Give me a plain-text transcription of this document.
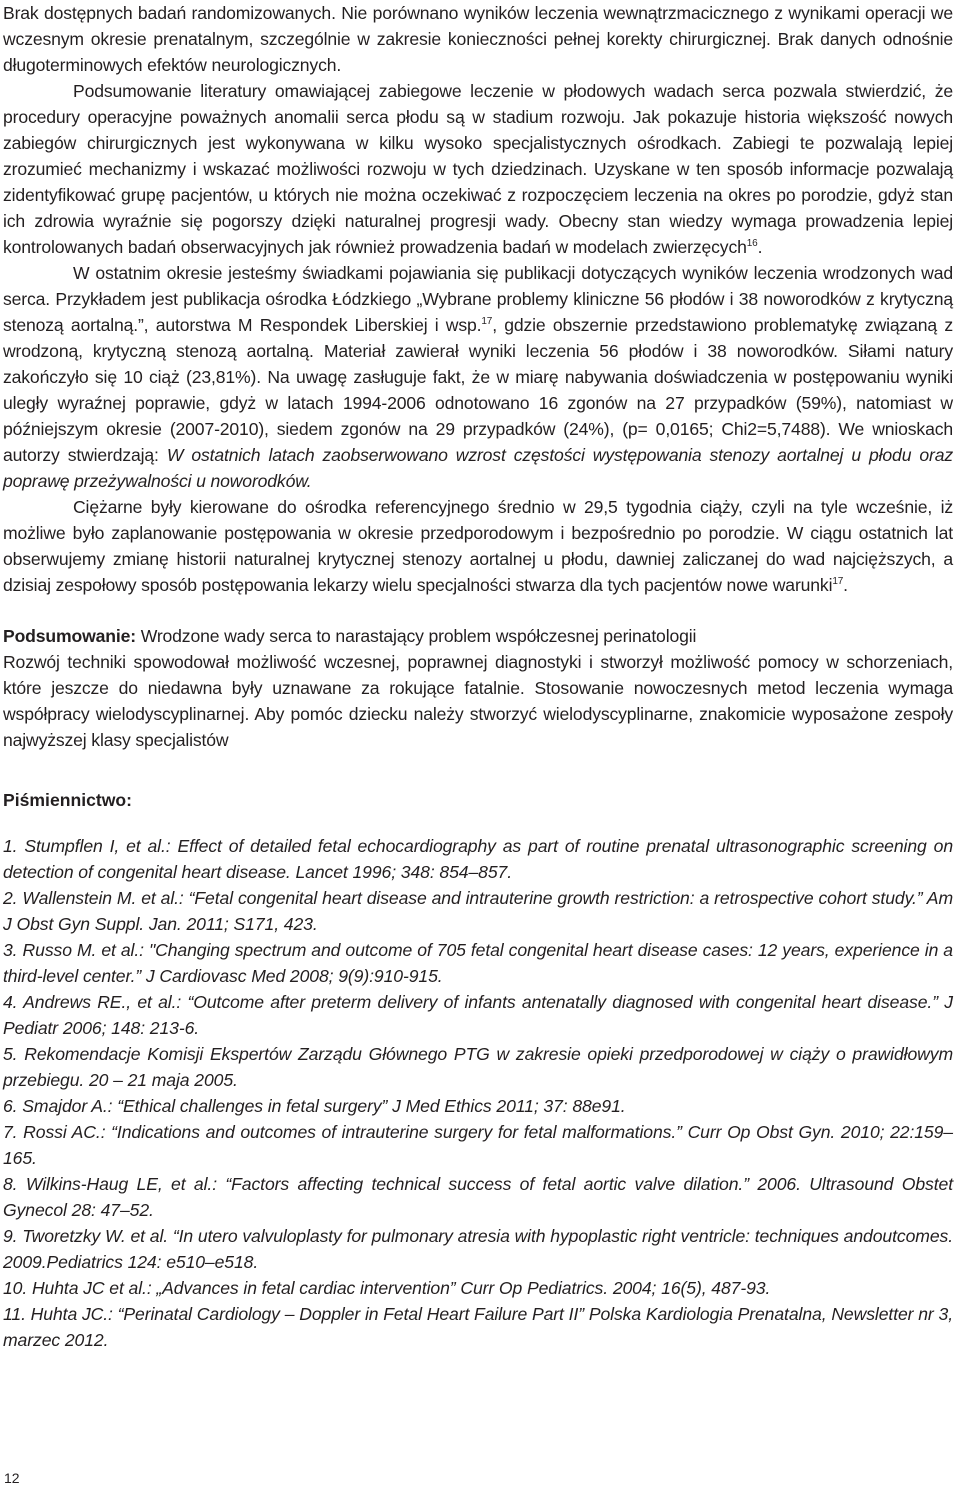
Brak dostępnych badań randomizowanych. Nie porównano wyników leczenia wewnątrzmacicznego z wynikami operacji we wczesnym okresie prenatalnym, szczególnie w zakresie konieczności pełnej korekty chirurgicznej. Brak danych odnośnie długoterminowych efektów neurologicznych.

Podsumowanie literatury omawiającej zabiegowe leczenie w płodowych wadach serca pozwala stwierdzić, że procedury operacyjne poważnych anomalii serca płodu są w stadium rozwoju. Jak pokazuje historia większość nowych zabiegów chirurgicznych jest wykonywana w kilku wysoko specjalistycznych ośrodkach. Zabiegi te pozwalają lepiej zrozumieć mechanizmy i wskazać możliwości rozwoju w tych dziedzinach. Uzyskane w ten sposób informacje pozwalają zidentyfikować grupę pacjentów, u których nie można oczekiwać z rozpoczęciem leczenia na okres po porodzie, gdyż stan ich zdrowia wyraźnie się pogorszy dzięki naturalnej progresji wady. Obecny stan wiedzy wymaga prowadzenia lepiej kontrolowanych badań obserwacyjnych jak również prowadzenia badań w modelach zwierzęcych$^{16}$.

W ostatnim okresie jesteśmy świadkami pojawiania się publikacji dotyczących wyników leczenia wrodzonych wad serca. Przykładem jest publikacja ośrodka Łódzkiego „Wybrane problemy kliniczne 56 płodów i 38 noworodków z krytyczną stenozą aortalną.”, autorstwa M Respondek Liberskiej i wsp.$^{17}$, gdzie obszernie przedstawiono problematykę związaną z wrodzoną, krytyczną stenozą aortalną. Materiał zawierał wyniki leczenia 56 płodów i 38 noworodków. Siłami natury zakończyło się 10 ciąż (23,81%). Na uwagę zasługuje fakt, że w miarę nabywania doświadczenia w postępowaniu wyniki uległy wyraźnej poprawie, gdyż w latach 1994-2006 odnotowano 16 zgonów na 27 przypadków (59%), natomiast w późniejszym okresie (2007-2010), siedem zgonów na 29 przypadków (24%), (p= 0,0165; Chi2=5,7488). We wnioskach autorzy stwierdzają: W ostatnich latach zaobserwowano wzrost częstości występowania stenozy aortalnej u płodu oraz poprawę przeżywalności u noworodków.

Ciężarne były kierowane do ośrodka referencyjnego średnio w 29,5 tygodnia ciąży, czyli na tyle wcześnie, iż możliwe było zaplanowanie postępowania w okresie przedporodowym i bezpośrednio po porodzie. W ciągu ostatnich lat obserwujemy zmianę historii naturalnej krytycznej stenozy aortalnej u płodu, dawniej zaliczanej do wad najcięższych, a dzisiaj zespołowy sposób postępowania lekarzy wielu specjalności stwarza dla tych pacjentów nowe warunki$^{17}$.

Podsumowanie: Wrodzone wady serca to narastający problem współczesnej perinatologii

Rozwój techniki spowodował możliwość wczesnej, poprawnej diagnostyki i stworzył możliwość pomocy w schorzeniach, które jeszcze do niedawna były uznawane za rokujące fatalnie. Stosowanie nowoczesnych metod leczenia wymaga współpracy wielodyscyplinarnej. Aby pomóc dziecku należy stworzyć wielodyscyplinarne, znakomicie wyposażone zespoły najwyższej klasy specjalistów

Piśmiennictwo:

1. Stumpflen I, et al.: Effect of detailed fetal echocardiography as part of routine prenatal ultrasonographic screening on detection of congenital heart disease. Lancet 1996; 348: 854–857.

2. Wallenstein M. et al.: “Fetal congenital heart disease and intrauterine growth restriction: a retrospective cohort study.” Am J Obst Gyn Suppl. Jan. 2011; S171, 423.

3. Russo M. et al.: "Changing spectrum and outcome of 705 fetal congenital heart disease cases: 12 years, experience in a third-level center.” J Cardiovasc Med 2008; 9(9):910-915.

4. Andrews RE., et al.: “Outcome after preterm delivery of infants antenatally diagnosed with congenital heart disease.” J Pediatr 2006; 148: 213-6.

5. Rekomendacje Komisji Ekspertów Zarządu Głównego PTG w zakresie opieki przedporodowej w ciąży o prawidłowym przebiegu. 20 – 21 maja 2005.

6. Smajdor A.: “Ethical challenges in fetal surgery” J Med Ethics 2011; 37: 88e91.

7. Rossi AC.: “Indications and outcomes of intrauterine surgery for fetal malformations.” Curr Op Obst Gyn. 2010; 22:159–165.

8. Wilkins-Haug LE, et al.: “Factors affecting technical success of fetal aortic valve dilation.” 2006. Ultrasound Obstet Gynecol 28: 47–52.

9. Tworetzky W. et al. “In utero valvuloplasty for pulmonary atresia with hypoplastic right ventricle: techniques andoutcomes. 2009.Pediatrics 124: e510–e518.

10. Huhta JC et al.: „Advances in fetal cardiac intervention” Curr Op Pediatrics. 2004; 16(5), 487-93.

11. Huhta JC.: “Perinatal Cardiology – Doppler in Fetal Heart Failure Part II” Polska Kardiologia Prenatalna, Newsletter nr 3, marzec 2012.

12
